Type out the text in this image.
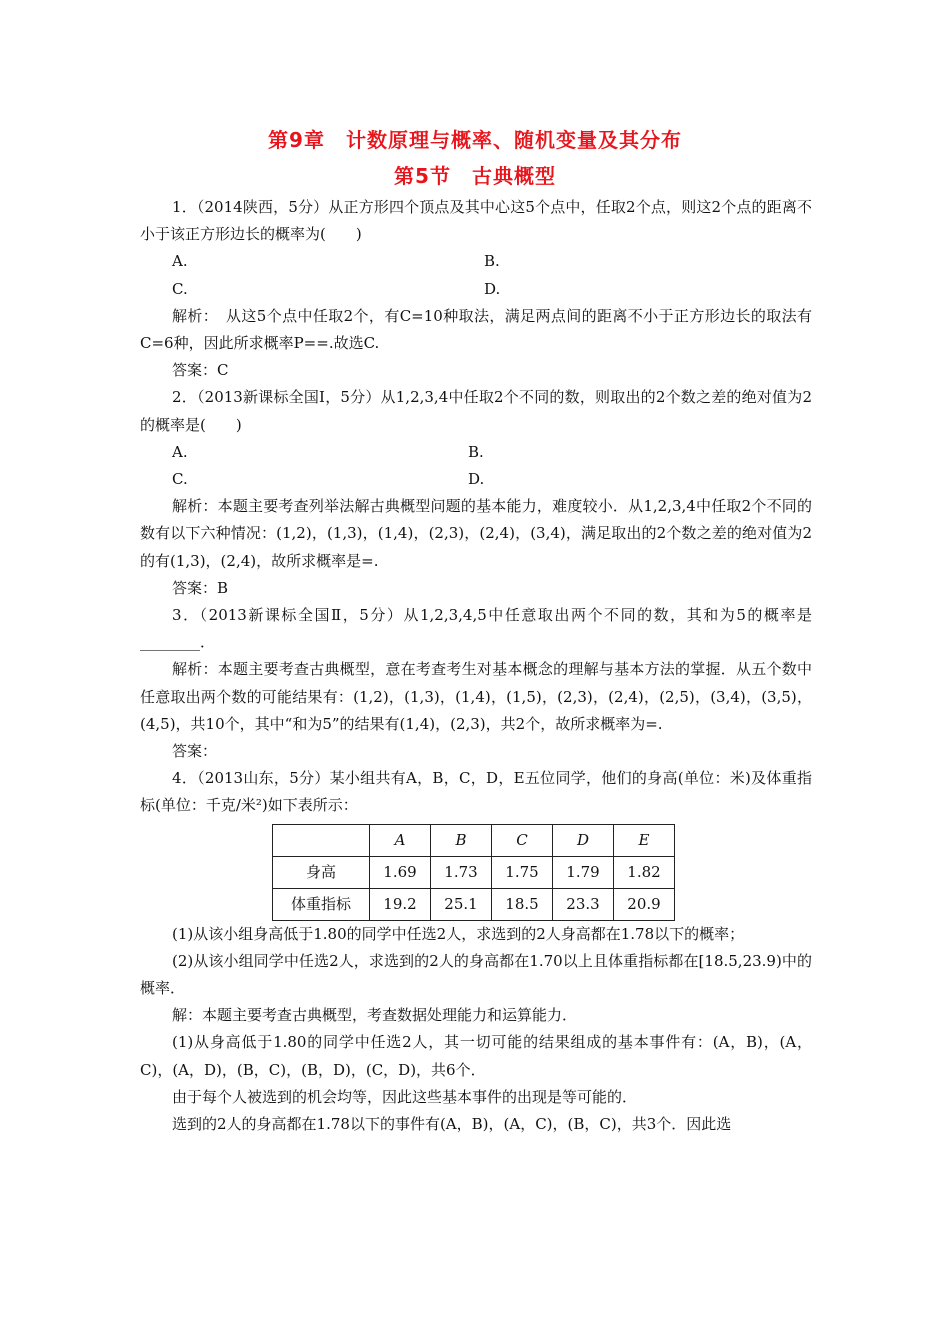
第9章　计数原理与概率、随机变量及其分布
第5节　古典概型

1．（2014陕西，5分）从正方形四个顶点及其中心这5个点中，任取2个点，则这2个点的距离不小于该正方形边长的概率为(　　)

A.	B.
C.	D.

解析：　从这5个点中任取2个，有C=10种取法，满足两点间的距离不小于正方形边长的取法有C=6种，因此所求概率P==.故选C.

答案：C

2．（2013新课标全国Ⅰ，5分）从1,2,3,4中任取2个不同的数，则取出的2个数之差的绝对值为2的概率是(　　)

A.	B.
C.	D.

解析：本题主要考查列举法解古典概型问题的基本能力，难度较小．从1,2,3,4中任取2个不同的数有以下六种情况：(1,2)，(1,3)，(1,4)，(2,3)，(2,4)，(3,4)，满足取出的2个数之差的绝对值为2的有(1,3)，(2,4)，故所求概率是=.

答案：B

3．（2013新课标全国Ⅱ，5分）从1,2,3,4,5中任意取出两个不同的数，其和为5的概率是________．

解析：本题主要考查古典概型，意在考查考生对基本概念的理解与基本方法的掌握．从五个数中任意取出两个数的可能结果有：(1,2)，(1,3)，(1,4)，(1,5)，(2,3)，(2,4)，(2,5)，(3,4)，(3,5)，(4,5)，共10个，其中“和为5”的结果有(1,4)，(2,3)，共2个，故所求概率为=.

答案：

4．（2013山东，5分）某小组共有A，B，C，D，E五位同学，他们的身高(单位：米)及体重指标(单位：千克/米²)如下表所示：

	A	B	C	D	E
身高	1.69	1.73	1.75	1.79	1.82
体重指标	19.2	25.1	18.5	23.3	20.9

(1)从该小组身高低于1.80的同学中任选2人，求选到的2人身高都在1.78以下的概率；

(2)从该小组同学中任选2人，求选到的2人的身高都在1.70以上且体重指标都在[18.5,23.9)中的概率．

解：本题主要考查古典概型，考查数据处理能力和运算能力．

(1)从身高低于1.80的同学中任选2人，其一切可能的结果组成的基本事件有：(A，B)，(A，C)，(A，D)，(B，C)，(B，D)，(C，D)，共6个．

由于每个人被选到的机会均等，因此这些基本事件的出现是等可能的．

选到的2人的身高都在1.78以下的事件有(A，B)，(A，C)，(B，C)，共3个．因此选
